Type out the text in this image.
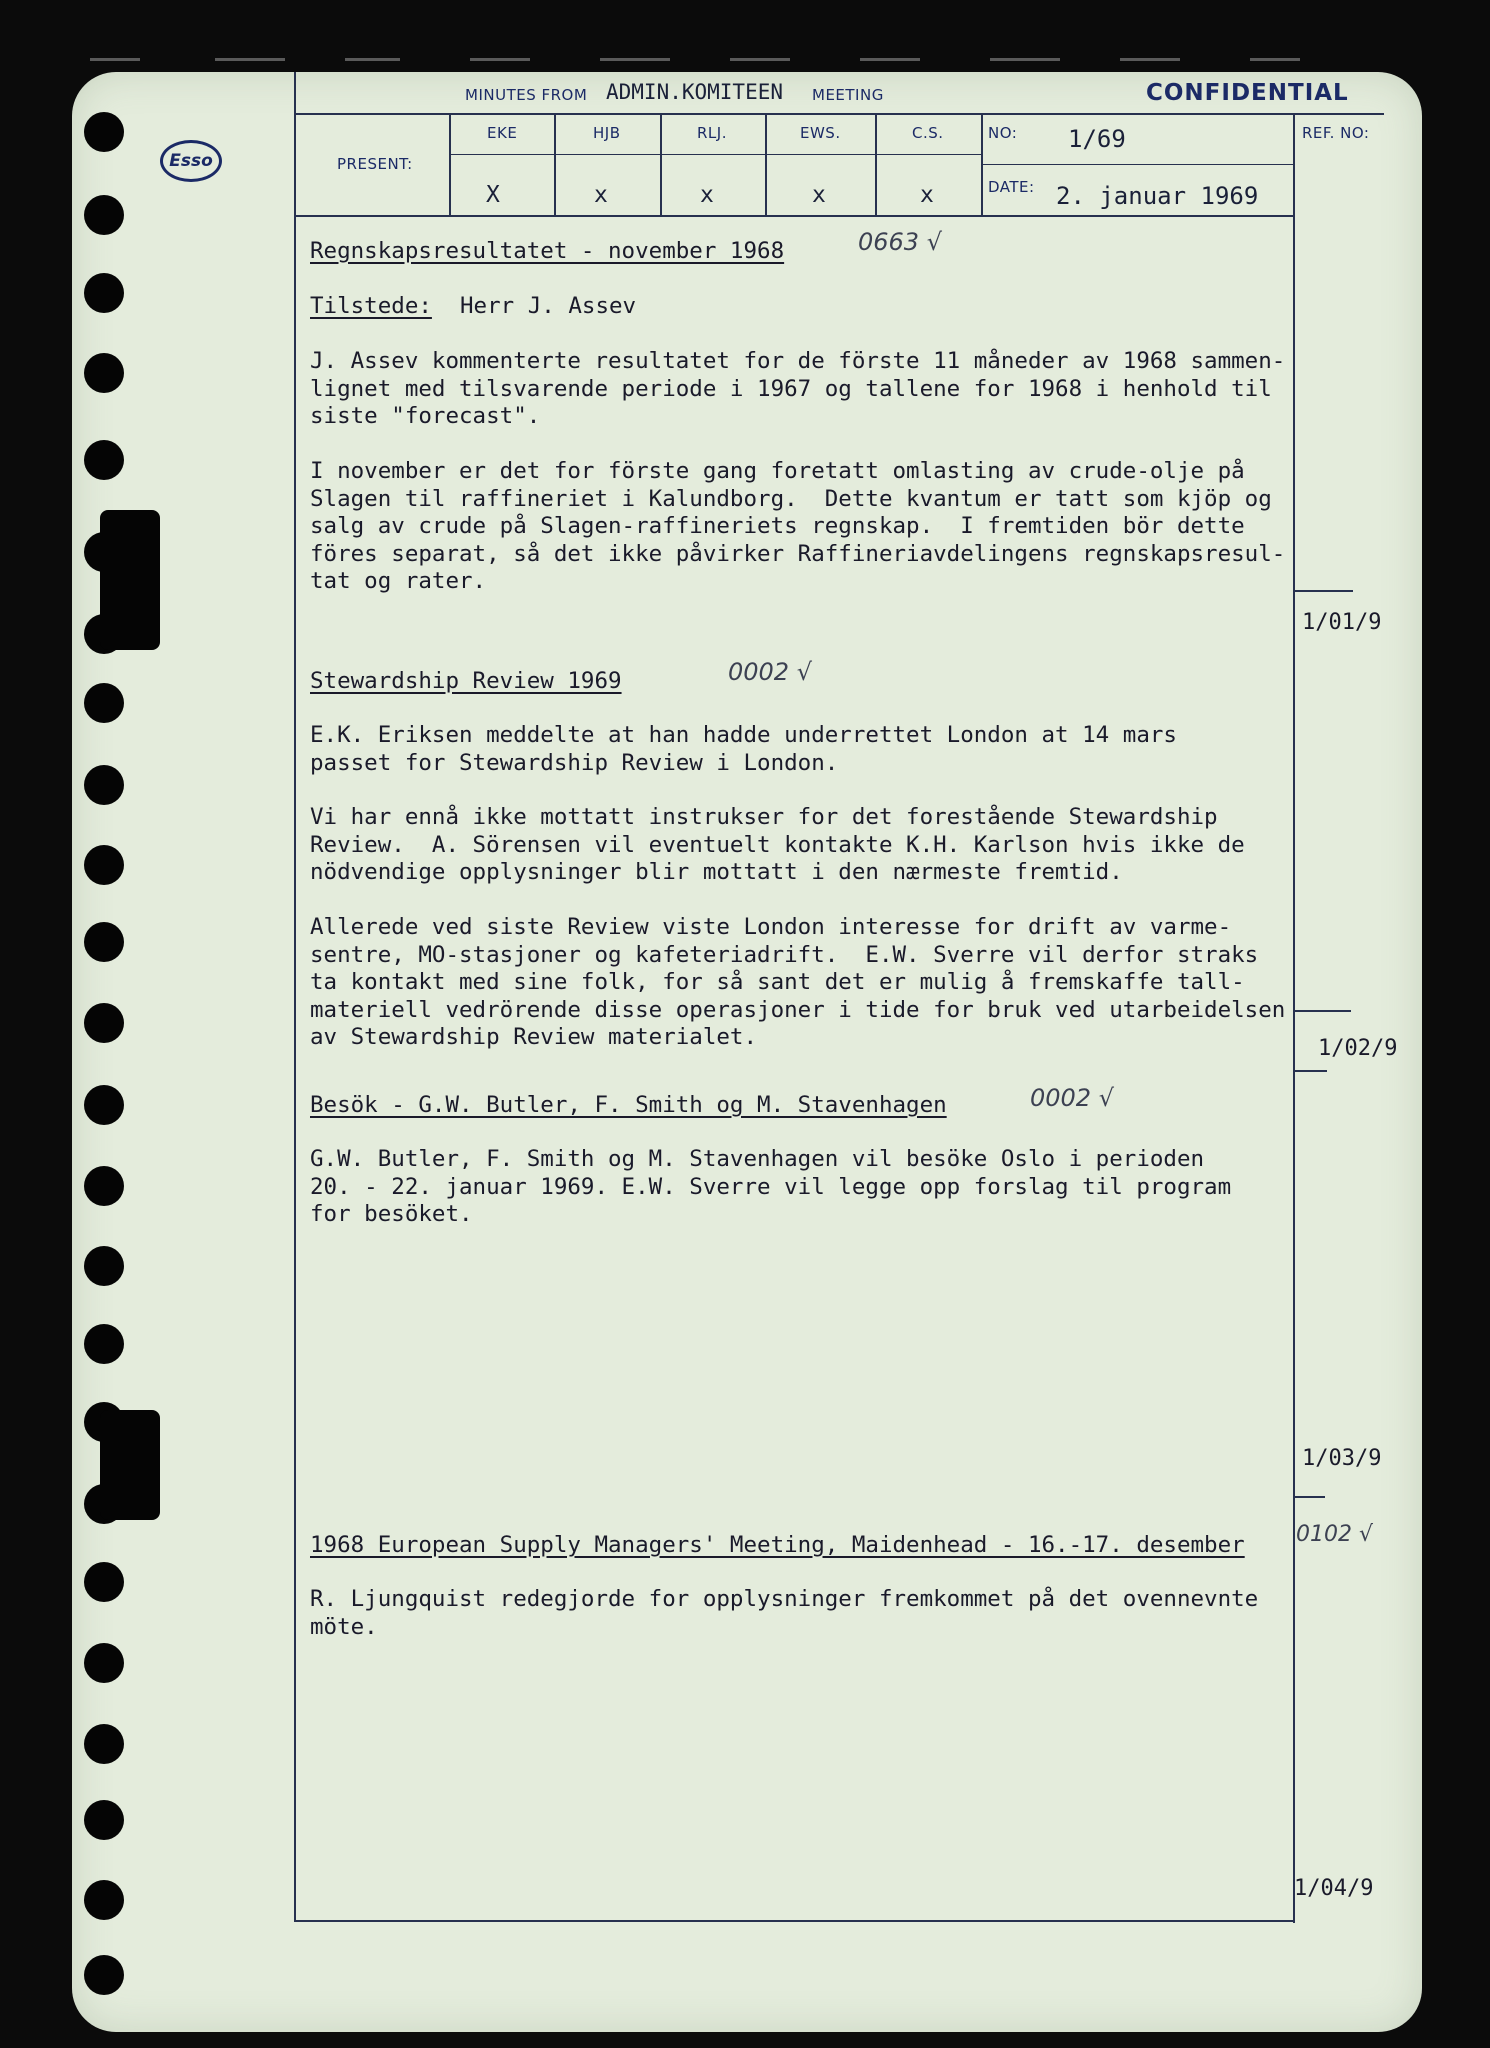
Esso
MINUTES FROM ADMIN.KOMITEEN MEETING	CONFIDENTIAL
PRESENT:
EKE	HJB	RLJ.	EWS.	C.S.
X	x	x	x	x
NO: 1/69
DATE: 2. januar 1969
REF. NO:
Regnskapsresultatet - november 1968	0663 √
Tilstede: Herr J. Assev
J. Assev kommenterte resultatet for de förste 11 måneder av 1968 sammen-
lignet med tilsvarende periode i 1967 og tallene for 1968 i henhold til
siste "forecast".
I november er det for förste gang foretatt omlasting av crude-olje på
Slagen til raffineriet i Kalundborg.  Dette kvantum er tatt som kjöp og
salg av crude på Slagen-raffineriets regnskap.  I fremtiden bör dette
föres separat, så det ikke påvirker Raffineriavdelingens regnskapsresul-
tat og rater.
1/01/9
Stewardship Review 1969	0002 √
E.K. Eriksen meddelte at han hadde underrettet London at 14 mars
passet for Stewardship Review i London.
Vi har ennå ikke mottatt instrukser for det forestående Stewardship
Review.  A. Sörensen vil eventuelt kontakte K.H. Karlson hvis ikke de
nödvendige opplysninger blir mottatt i den nærmeste fremtid.
Allerede ved siste Review viste London interesse for drift av varme-
sentre, MO-stasjoner og kafeteriadrift.  E.W. Sverre vil derfor straks
ta kontakt med sine folk, for så sant det er mulig å fremskaffe tall-
materiell vedrörende disse operasjoner i tide for bruk ved utarbeidelsen
av Stewardship Review materialet.	1/02/9
Besök - G.W. Butler, F. Smith og M. Stavenhagen	0002 √
G.W. Butler, F. Smith og M. Stavenhagen vil besöke Oslo i perioden
20. - 22. januar 1969. E.W. Sverre vil legge opp forslag til program
for besöket.
1/03/9
1968 European Supply Managers' Meeting, Maidenhead - 16.-17. desember 0102 √
R. Ljungquist redegjorde for opplysninger fremkommet på det ovennevnte
möte.
1/04/9
